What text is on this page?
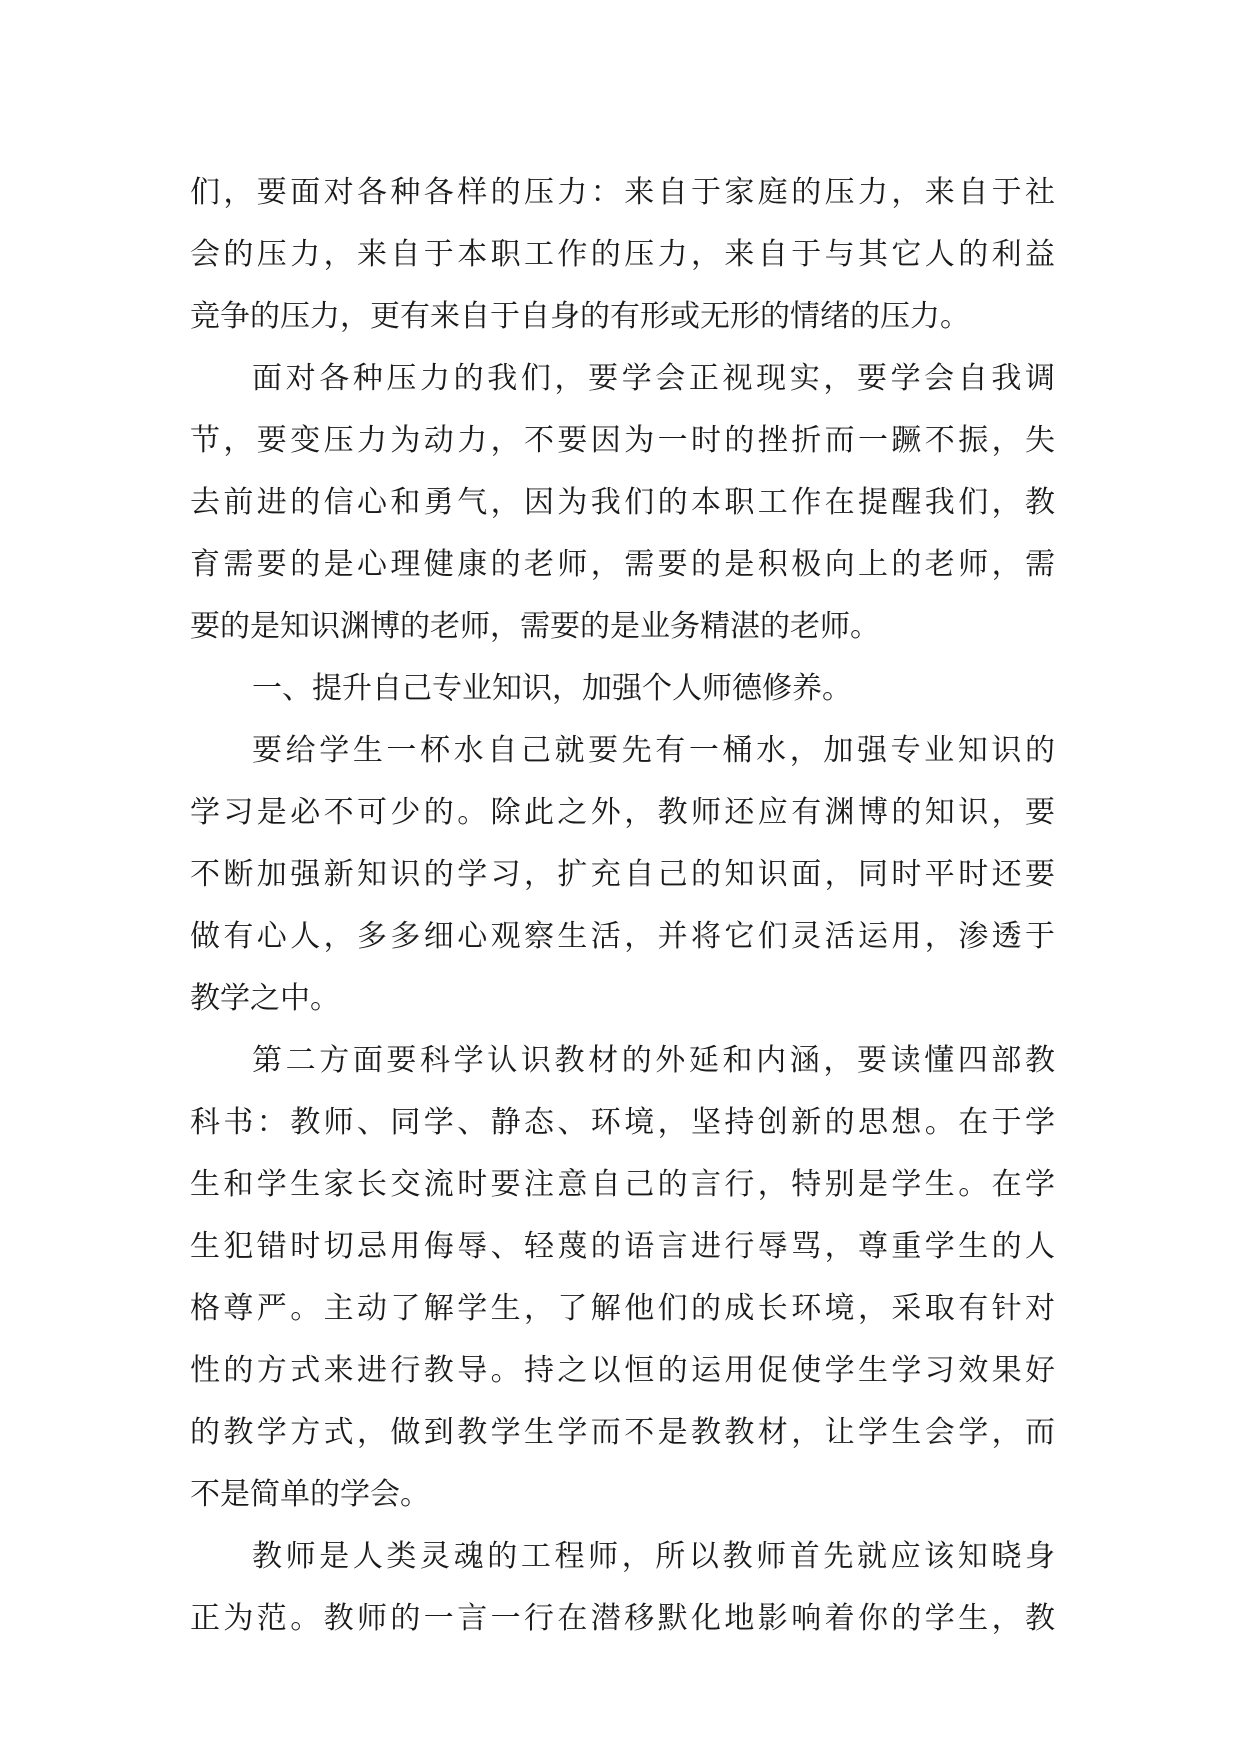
们，要面对各种各样的压力：来自于家庭的压力，来自于社
会的压力，来自于本职工作的压力，来自于与其它人的利益
竞争的压力，更有来自于自身的有形或无形的情绪的压力。
面对各种压力的我们，要学会正视现实，要学会自我调
节，要变压力为动力，不要因为一时的挫折而一蹶不振，失
去前进的信心和勇气，因为我们的本职工作在提醒我们，教
育需要的是心理健康的老师，需要的是积极向上的老师，需
要的是知识渊博的老师，需要的是业务精湛的老师。
一、提升自己专业知识，加强个人师德修养。
要给学生一杯水自己就要先有一桶水，加强专业知识的
学习是必不可少的。除此之外，教师还应有渊博的知识，要
不断加强新知识的学习，扩充自己的知识面，同时平时还要
做有心人，多多细心观察生活，并将它们灵活运用，渗透于
教学之中。
第二方面要科学认识教材的外延和内涵，要读懂四部教
科书：教师、同学、静态、环境，坚持创新的思想。在于学
生和学生家长交流时要注意自己的言行，特别是学生。在学
生犯错时切忌用侮辱、轻蔑的语言进行辱骂，尊重学生的人
格尊严。主动了解学生，了解他们的成长环境，采取有针对
性的方式来进行教导。持之以恒的运用促使学生学习效果好
的教学方式，做到教学生学而不是教教材，让学生会学，而
不是简单的学会。
教师是人类灵魂的工程师，所以教师首先就应该知晓身
正为范。教师的一言一行在潜移默化地影响着你的学生，教
